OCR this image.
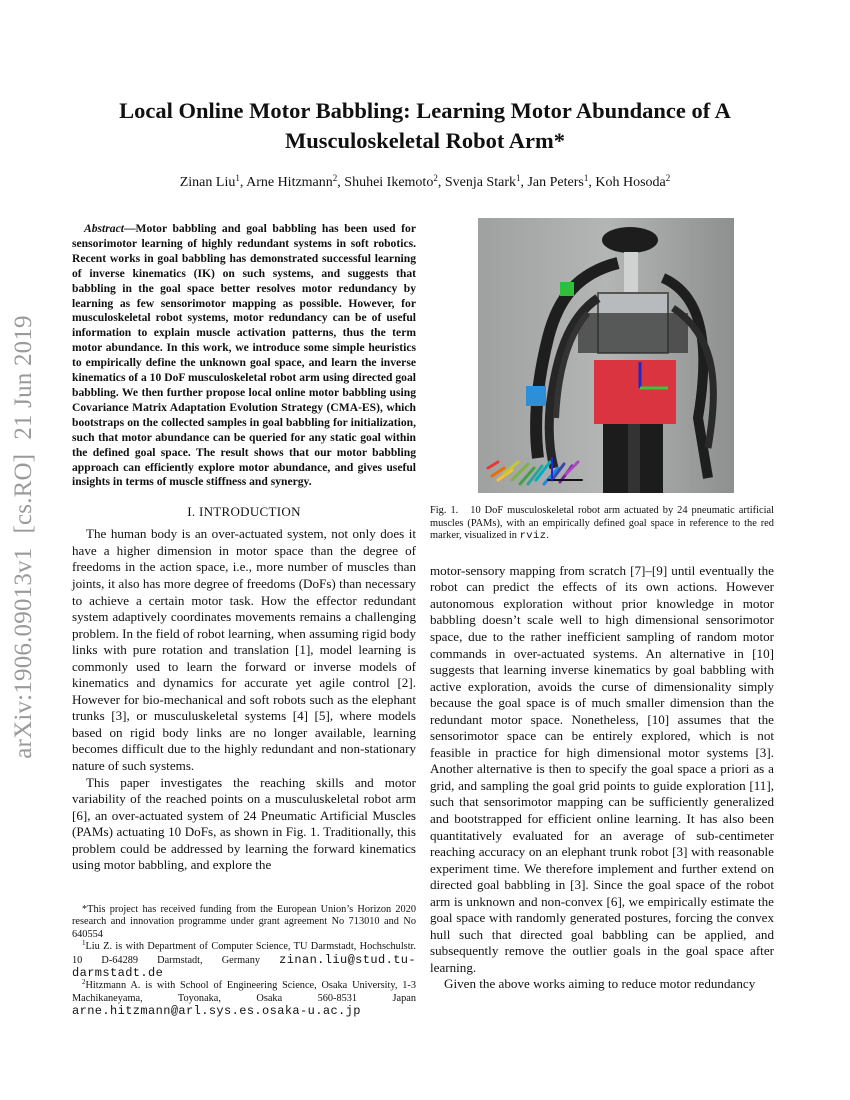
arXiv:1906.09013v1[cs.RO]21 Jun 2019
Local Online Motor Babbling: Learning Motor Abundance of A
Musculoskeletal Robot Arm*
Zinan Liu$^1$, Arne Hitzmann$^2$, Shuhei Ikemoto$^2$, Svenja Stark$^1$, Jan Peters$^1$, Koh Hosoda$^2$

Abstract—Motor babbling and goal babbling has been used for sensorimotor learning of highly redundant systems in soft robotics. Recent works in goal babbling has demonstrated successful learning of inverse kinematics (IK) on such systems, and suggests that babbling in the goal space better resolves motor redundancy by learning as few sensorimotor mapping as possible. However, for musculoskeletal robot systems, motor redundancy can be of useful information to explain muscle activation patterns, thus the term motor abundance. In this work, we introduce some simple heuristics to empirically define the unknown goal space, and learn the inverse kinematics of a 10 DoF musculoskeletal robot arm using directed goal babbling. We then further propose local online motor babbling using Covariance Matrix Adaptation Evolution Strategy (CMA-ES), which bootstraps on the collected samples in goal babbling for initialization, such that motor abundance can be queried for any static goal within the defined goal space. The result shows that our motor babbling approach can efficiently explore motor abundance, and gives useful insights in terms of muscle stiffness and synergy.

I. INTRODUCTION

The human body is an over-actuated system, not only does it have a higher dimension in motor space than the degree of freedoms in the action space, i.e., more number of muscles than joints, it also has more degree of freedoms (DoFs) than necessary to achieve a certain motor task. How the effector redundant system adaptively coordinates movements remains a challenging problem. In the field of robot learning, when assuming rigid body links with pure rotation and translation [1], model learning is commonly used to learn the forward or inverse models of kinematics and dynamics for accurate yet agile control [2]. However for bio-mechanical and soft robots such as the elephant trunks [3], or musculuskeletal systems [4] [5], where models based on rigid body links are no longer available, learning becomes difficult due to the highly redundant and non-stationary nature of such systems.

This paper investigates the reaching skills and motor variability of the reached points on a musculuskeletal robot arm [6], an over-actuated system of 24 Pneumatic Artificial Muscles (PAMs) actuating 10 DoFs, as shown in Fig. 1. Traditionally, this problem could be addressed by learning the forward kinematics using motor babbling, and explore the

*This project has received funding from the European Union’s Horizon 2020 research and innovation programme under grant agreement No 713010 and No 640554

$^1$Liu Z. is with Department of Computer Science, TU Darmstadt, Hochschulstr. 10 D-64289 Darmstadt, Germany zinan.liu@stud.tu-darmstadt.de

$^2$Hitzmann A. is with School of Engineering Science, Osaka University, 1-3 Machikaneyama, Toyonaka, Osaka 560-8531 Japan arne.hitzmann@arl.sys.es.osaka-u.ac.jp

Fig. 1. 10 DoF musculoskeletal robot arm actuated by 24 pneumatic artificial muscles (PAMs), with an empirically defined goal space in reference to the red marker, visualized in rviz.

motor-sensory mapping from scratch [7]–[9] until eventually the robot can predict the effects of its own actions. However autonomous exploration without prior knowledge in motor babbling doesn’t scale well to high dimensional sensorimotor space, due to the rather inefficient sampling of random motor commands in over-actuated systems. An alternative in [10] suggests that learning inverse kinematics by goal babbling with active exploration, avoids the curse of dimensionality simply because the goal space is of much smaller dimension than the redundant motor space. Nonetheless, [10] assumes that the sensorimotor space can be entirely explored, which is not feasible in practice for high dimensional motor systems [3]. Another alternative is then to specify the goal space a priori as a grid, and sampling the goal grid points to guide exploration [11], such that sensorimotor mapping can be sufficiently generalized and bootstrapped for efficient online learning. It has also been quantitatively evaluated for an average of sub-centimeter reaching accuracy on an elephant trunk robot [3] with reasonable experiment time. We therefore implement and further extend on directed goal babbling in [3]. Since the goal space of the robot arm is unknown and non-convex [6], we empirically estimate the goal space with randomly generated postures, forcing the convex hull such that directed goal babbling can be applied, and subsequently remove the outlier goals in the goal space after learning.

Given the above works aiming to reduce motor redundancy
